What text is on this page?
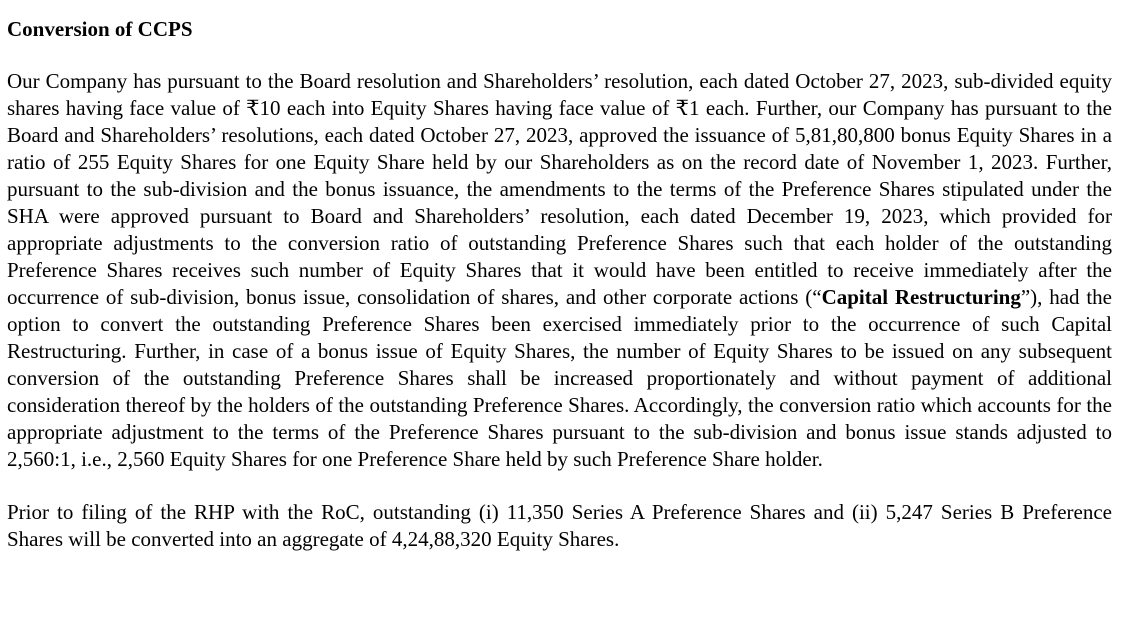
Conversion of CCPS

Our Company has pursuant to the Board resolution and Shareholders’ resolution, each dated October 27, 2023, sub-divided equity shares having face value of ₹10 each into Equity Shares having face value of ₹1 each. Further, our Company has pursuant to the Board and Shareholders’ resolutions, each dated October 27, 2023, approved the issuance of 5,81,80,800 bonus Equity Shares in a ratio of 255 Equity Shares for one Equity Share held by our Shareholders as on the record date of November 1, 2023. Further, pursuant to the sub-division and the bonus issuance, the amendments to the terms of the Preference Shares stipulated under the SHA were approved pursuant to Board and Shareholders’ resolution, each dated December 19, 2023, which provided for appropriate adjustments to the conversion ratio of outstanding Preference Shares such that each holder of the outstanding Preference Shares receives such number of Equity Shares that it would have been entitled to receive immediately after the occurrence of sub-division, bonus issue, consolidation of shares, and other corporate actions (“Capital Restructuring”), had the option to convert the outstanding Preference Shares been exercised immediately prior to the occurrence of such Capital Restructuring. Further, in case of a bonus issue of Equity Shares, the number of Equity Shares to be issued on any subsequent conversion of the outstanding Preference Shares shall be increased proportionately and without payment of additional consideration thereof by the holders of the outstanding Preference Shares. Accordingly, the conversion ratio which accounts for the appropriate adjustment to the terms of the Preference Shares pursuant to the sub-division and bonus issue stands adjusted to 2,560:1, i.e., 2,560 Equity Shares for one Preference Share held by such Preference Share holder.

Prior to filing of the RHP with the RoC, outstanding (i) 11,350 Series A Preference Shares and (ii) 5,247 Series B Preference Shares will be converted into an aggregate of 4,24,88,320 Equity Shares.
